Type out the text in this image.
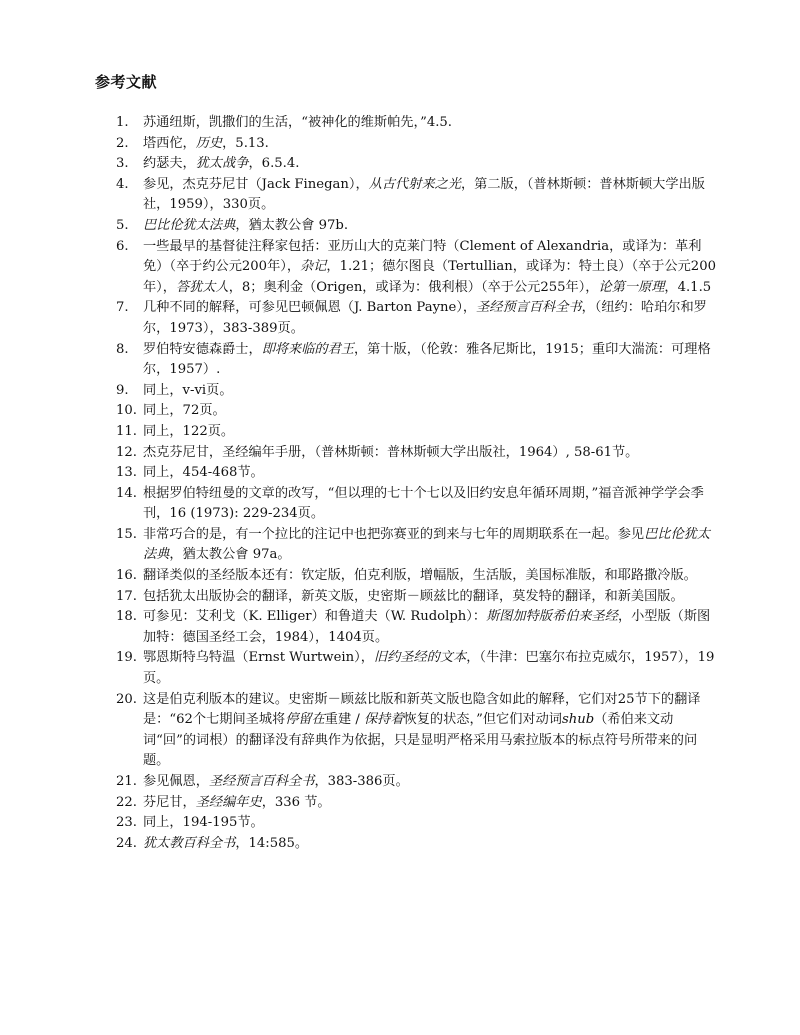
参考文献
1. 苏通纽斯，凯撒们的生活，“被神化的维斯帕先，”4.5.
2. 塔西佗，历史，5.13.
3. 约瑟夫，犹太战争，6.5.4.
4. 参见，杰克芬尼甘（Jack Finegan），从古代射来之光，第二版，（普林斯顿：普林斯顿大学出版社，1959），330页。
5. 巴比伦犹太法典，猶太教公會 97b.
6. 一些最早的基督徒注释家包括：亚历山大的克莱门特（Clement of Alexandria，或译为：革利免）（卒于约公元200年），杂记，1.21；德尔图良（Tertullian，或译为：特土良）（卒于公元200年），答犹太人，8；奥利金（Origen，或译为：俄利根）（卒于公元255年），论第一原理，4.1.5
7. 几种不同的解释，可参见巴顿佩恩（J. Barton Payne），圣经预言百科全书，（纽约：哈珀尔和罗尔，1973），383-389页。
8. 罗伯特安德森爵士，即将来临的君王，第十版，（伦敦：雅各尼斯比，1915；重印大湍流：可理格尔，1957）.
9. 同上，v-vi页。
10. 同上，72页。
11. 同上，122页。
12. 杰克芬尼甘，圣经编年手册，（普林斯顿：普林斯顿大学出版社，1964）, 58-61节。
13. 同上，454-468节。
14. 根据罗伯特纽曼的文章的改写，“但以理的七十个七以及旧约安息年循环周期，”福音派神学学会季刊，16 (1973): 229-234页。
15. 非常巧合的是，有一个拉比的注记中也把弥赛亚的到来与七年的周期联系在一起。参见巴比伦犹太法典，猶太教公會 97a。
16. 翻译类似的圣经版本还有：钦定版，伯克利版，增幅版，生活版，美国标准版，和耶路撒冷版。
17. 包括犹太出版协会的翻译，新英文版，史密斯－顾兹比的翻译，莫发特的翻译，和新美国版。
18. 可参见：艾利戈（K. Elliger）和鲁道夫（W. Rudolph）：斯图加特版希伯来圣经，小型版（斯图加特：德国圣经工会，1984），1404页。
19. 鄂恩斯特乌特温（Ernst Wurtwein），旧约圣经的文本，（牛津：巴塞尔布拉克威尔，1957），19页。
20. 这是伯克利版本的建议。史密斯－顾兹比版和新英文版也隐含如此的解释，它们对25节下的翻译是：“62个七期间圣城将停留在重建 / 保持着恢复的状态，”但它们对动词shub（希伯来文动词“回”的词根）的翻译没有辞典作为依据，只是显明严格采用马索拉版本的标点符号所带来的问题。
21. 参见佩恩，圣经预言百科全书，383-386页。
22. 芬尼甘，圣经编年史，336 节。
23. 同上，194-195节。
24. 犹太教百科全书，14:585。
